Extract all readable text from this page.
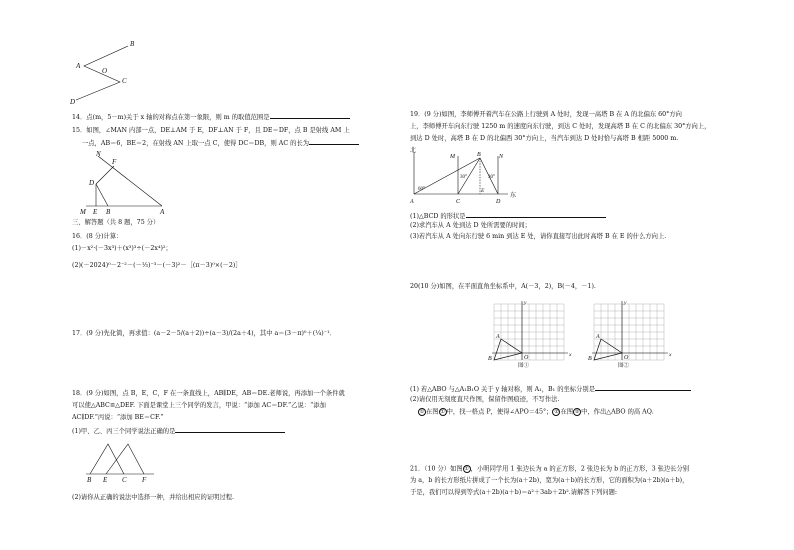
B
A
O
C
D
14．点(m，5－m)关于 x 轴的对称点在第一象限，则 m 的取值范围是
15．如图，∠MAN 内部一点，DE⊥AM 于 E，DF⊥AN 于 F，且 DE＝DF，点 B 是射线 AM 上
一点，AB＝6，BE＝2，在射线 AN 上取一点 C，使得 DC＝DB，则 AC 的长为
N
F
D
M E B	A
三、解答题（共 8 题，75 分）
16．(8 分)计算：
(1)－x²·(－3x³)＋(x³)³÷(－2x⁴)²；
(2)(－2024)⁰－2⁻²－(－⅓)⁻³－(－3)²－［(π－3)⁰×(－2)］
17．(9 分)先化简，再求值：(a－2－5/(a＋2))÷(a－3)/(2a＋4)，其中 a＝(3－π)⁰＋(¼)⁻¹．
18．(9 分)如图，点 B，E，C，F 在一条直线上，AB∥DE，AB＝DE.老师说，再添加一个条件就
可以使△ABC≌△DEF. 下面是课堂上三个同学的发言，甲说：“添加 AC＝DF.”乙说：“添加
AC∥DF.”丙说：“添加 BE＝CF.”
(1)甲、乙、丙三个同学说法正确的是
B E C F
(2)请你从正确的说法中选择一种，并给出相应的证明过程.
19．(9 分)如图，李师傅开着汽车在公路上行驶到 A 处时，发现一高塔 B 在 A 的北偏东 60°方向
上，李师傅开车向东行驶 1250 m 的速度向东行驶，到达 C 处时，发现高塔 B 在 C 的北偏东 30°方向上，
到达 D 处时，高塔 B 在 D 的北偏西 30°方向上，当汽车到达 D 处时恰与高塔 B 相距 5000 m.
北
M	N
B
E
60°
30°	30°
A	C	D
东
(1)△BCD 的形状是
(2)求汽车从 A 处到达 D 处所需要的时间；
(3)若汽车从 A 处向东行驶 6 min 到达 E 处，请你直接写出此时高塔 B 在 E 的什么方向上.
20(10 分)如图，在平面直角坐标系中，A(－3，2)，B(－4，－1).
y
A
O	x
B
图①
y
A
O	x
B
图②
(1) 若△ABO 与△A₁B₁O 关于 y 轴对称，则 A₁，B₁ 的坐标分别是
(2)请仅用无刻度直尺作图，保留作图痕迹，不写作法.
① 在图 ① 中，找一格点 P，使得∠APO＝45°； ② 在图 ② 中，作出△ABO 的高 AQ.
21．（10 分）如图 ① ，小明同学用 1 张边长为 a 的正方形，2 张边长为 b 的正方形，3 张边长分别
为 a，b 的长方形纸片拼成了一个长为(a＋2b)，宽为(a＋b)的长方形，它的面积为(a＋2b)(a＋b)，
于是，我们可以得到等式(a＋2b)(a＋b)＝a²＋3ab＋2b².请解答下列问题:
